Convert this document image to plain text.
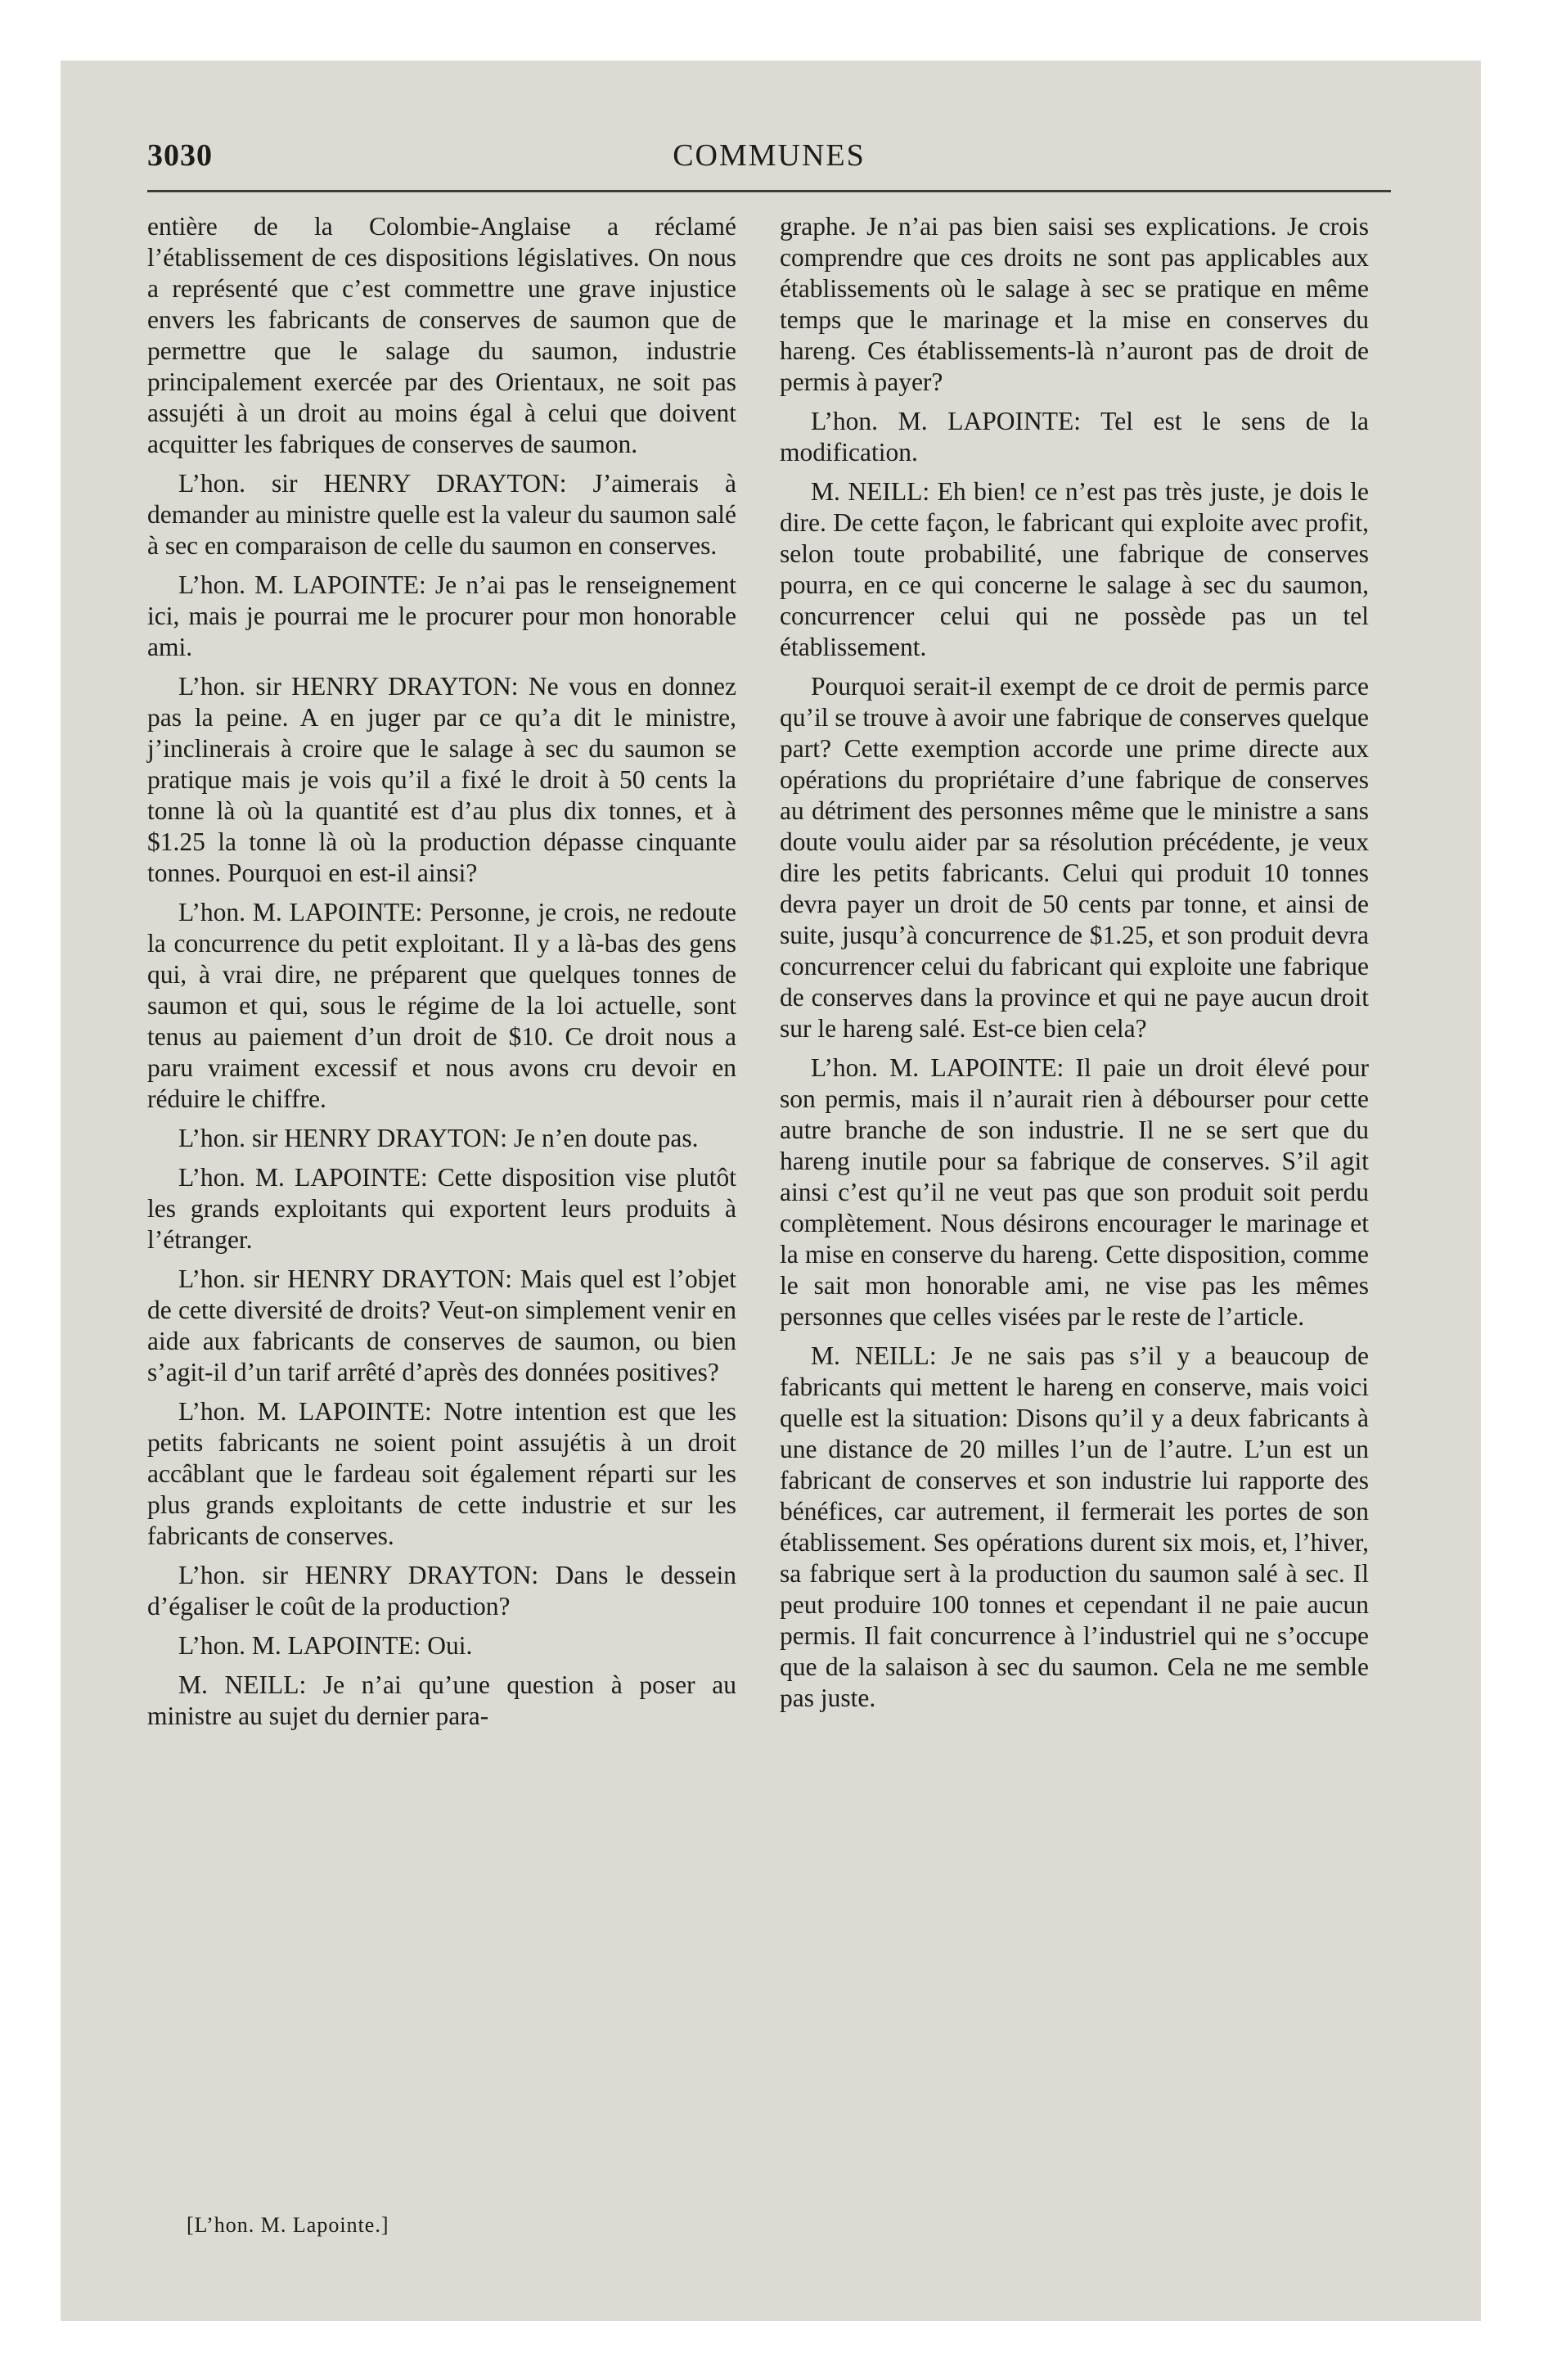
3030	COMMUNES

entière de la Colombie-Anglaise a réclamé l’établissement de ces dispositions législatives. On nous a représenté que c’est commettre une grave injustice envers les fabricants de conserves de saumon que de permettre que le salage du saumon, industrie principalement exercée par des Orientaux, ne soit pas assujéti à un droit au moins égal à celui que doivent acquitter les fabriques de conserves de saumon.

L’hon. sir HENRY DRAYTON: J’aimerais à demander au ministre quelle est la valeur du saumon salé à sec en comparaison de celle du saumon en conserves.

L’hon. M. LAPOINTE: Je n’ai pas le renseignement ici, mais je pourrai me le procurer pour mon honorable ami.

L’hon. sir HENRY DRAYTON: Ne vous en donnez pas la peine. A en juger par ce qu’a dit le ministre, j’inclinerais à croire que le salage à sec du saumon se pratique mais je vois qu’il a fixé le droit à 50 cents la tonne là où la quantité est d’au plus dix tonnes, et à $1.25 la tonne là où la production dépasse cinquante tonnes. Pourquoi en est-il ainsi?

L’hon. M. LAPOINTE: Personne, je crois, ne redoute la concurrence du petit exploitant. Il y a là-bas des gens qui, à vrai dire, ne préparent que quelques tonnes de saumon et qui, sous le régime de la loi actuelle, sont tenus au paiement d’un droit de $10. Ce droit nous a paru vraiment excessif et nous avons cru devoir en réduire le chiffre.

L’hon. sir HENRY DRAYTON: Je n’en doute pas.

L’hon. M. LAPOINTE: Cette disposition vise plutôt les grands exploitants qui exportent leurs produits à l’étranger.

L’hon. sir HENRY DRAYTON: Mais quel est l’objet de cette diversité de droits? Veut-on simplement venir en aide aux fabricants de conserves de saumon, ou bien s’agit-il d’un tarif arrêté d’après des données positives?

L’hon. M. LAPOINTE: Notre intention est que les petits fabricants ne soient point assujétis à un droit accâblant que le fardeau soit également réparti sur les plus grands exploitants de cette industrie et sur les fabricants de conserves.

L’hon. sir HENRY DRAYTON: Dans le dessein d’égaliser le coût de la production?

L’hon. M. LAPOINTE: Oui.

M. NEILL: Je n’ai qu’une question à poser au ministre au sujet du dernier para-

graphe. Je n’ai pas bien saisi ses explications. Je crois comprendre que ces droits ne sont pas applicables aux établissements où le salage à sec se pratique en même temps que le marinage et la mise en conserves du hareng. Ces établissements-là n’auront pas de droit de permis à payer?

L’hon. M. LAPOINTE: Tel est le sens de la modification.

M. NEILL: Eh bien! ce n’est pas très juste, je dois le dire. De cette façon, le fabricant qui exploite avec profit, selon toute probabilité, une fabrique de conserves pourra, en ce qui concerne le salage à sec du saumon, concurrencer celui qui ne possède pas un tel établissement.

Pourquoi serait-il exempt de ce droit de permis parce qu’il se trouve à avoir une fabrique de conserves quelque part? Cette exemption accorde une prime directe aux opérations du propriétaire d’une fabrique de conserves au détriment des personnes même que le ministre a sans doute voulu aider par sa résolution précédente, je veux dire les petits fabricants. Celui qui produit 10 tonnes devra payer un droit de 50 cents par tonne, et ainsi de suite, jusqu’à concurrence de $1.25, et son produit devra concurrencer celui du fabricant qui exploite une fabrique de conserves dans la province et qui ne paye aucun droit sur le hareng salé. Est-ce bien cela?

L’hon. M. LAPOINTE: Il paie un droit élevé pour son permis, mais il n’aurait rien à débourser pour cette autre branche de son industrie. Il ne se sert que du hareng inutile pour sa fabrique de conserves. S’il agit ainsi c’est qu’il ne veut pas que son produit soit perdu complètement. Nous désirons encourager le marinage et la mise en conserve du hareng. Cette disposition, comme le sait mon honorable ami, ne vise pas les mêmes personnes que celles visées par le reste de l’article.

M. NEILL: Je ne sais pas s’il y a beaucoup de fabricants qui mettent le hareng en conserve, mais voici quelle est la situation: Disons qu’il y a deux fabricants à une distance de 20 milles l’un de l’autre. L’un est un fabricant de conserves et son industrie lui rapporte des bénéfices, car autrement, il fermerait les portes de son établissement. Ses opérations durent six mois, et, l’hiver, sa fabrique sert à la production du saumon salé à sec. Il peut produire 100 tonnes et cependant il ne paie aucun permis. Il fait concurrence à l’industriel qui ne s’occupe que de la salaison à sec du saumon. Cela ne me semble pas juste.

[L’hon. M. Lapointe.]
